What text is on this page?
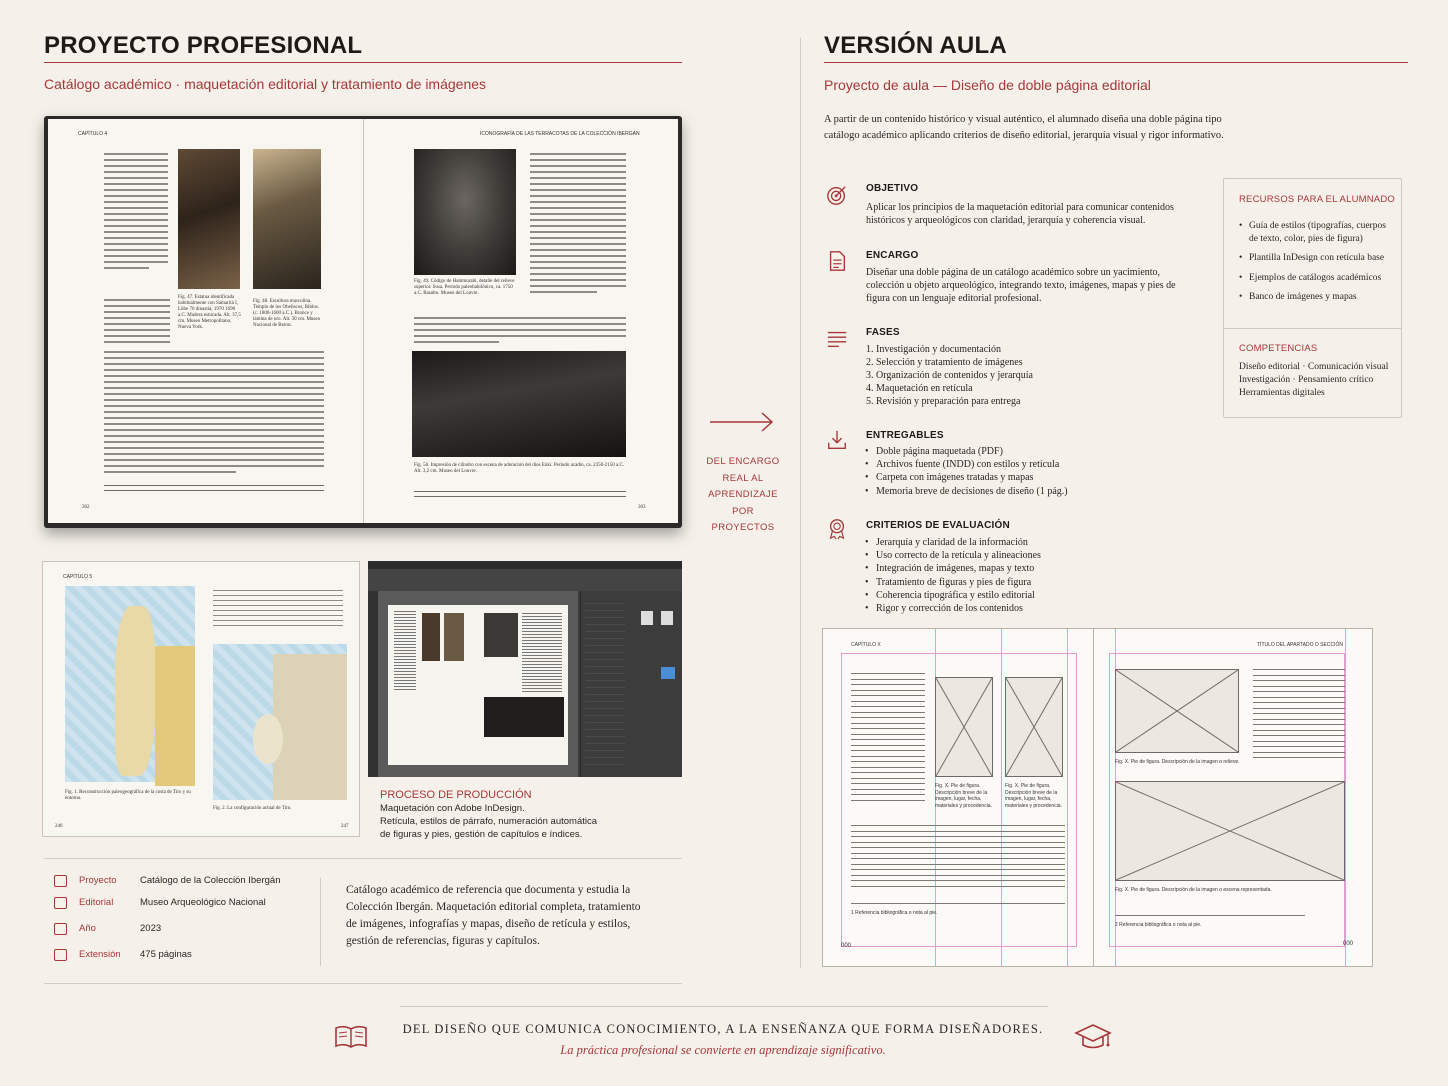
PROYECTO PROFESIONAL
Catálogo académico · maquetación editorial y tratamiento de imágenes
CAPÍTULO 4
Fig. 47. Estatua identificada habitualmente con Samaritá I, Lübe 70 dinastía, 1970 1690 a.C. Madera estucada. Alt. 37,5 cm. Museo Metropolitano, Nueva York.
Fig. 48. Escultura masculina. Templo de los Obeliscos, Biblos. (c. 1800-1600 a.C.). Bronce y lámina de oro. Alt. 30 cm. Museo Nacional de Beirut.
302
ICONOGRAFÍA DE LAS TERRACOTAS DE LA COLECCIÓN IBERGÁN
Fig. 49. Código de Hammurabi, detalle del relieve superior. Susa. Período paleobabilónico, ca. 1750 a.C. Basalto. Museo del Louvre.
Fig. 50. Impresión de cilindro con escena de adoración del dios Enki. Período acadio, ca. 2350-2150 a.C. Alt. 3,2 cm. Museo del Louvre.
303
CAPÍTULO 5
Fig. 1. Reconstrucción paleogeográfica de la costa de Tiro y su entorno.
Fig. 2. La configuración actual de Tiro.
246	247
PROCESO DE PRODUCCIÓN
Maquetación con Adobe InDesign.
Retícula, estilos de párrafo, numeración automática
de figuras y pies, gestión de capítulos e índices.
Proyecto Catálogo de la Colección Ibergán
Editorial	Museo Arqueológico Nacional
Año	2023
Extensión 475 páginas
Catálogo académico de referencia que documenta y estudia la Colección Ibergán. Maquetación editorial completa, tratamiento de imágenes, infografías y mapas, diseño de retícula y estilos, gestión de referencias, figuras y capítulos.
DEL ENCARGO
REAL AL
APRENDIZAJE
POR PROYECTOS
VERSIÓN AULA
Proyecto de aula — Diseño de doble página editorial
A partir de un contenido histórico y visual auténtico, el alumnado diseña una doble página tipo catálogo académico aplicando criterios de diseño editorial, jerarquía visual y rigor informativo.
OBJETIVO
Aplicar los principios de la maquetación editorial para comunicar contenidos históricos y arqueológicos con claridad, jerarquía y coherencia visual.
ENCARGO
Diseñar una doble página de un catálogo académico sobre un yacimiento, colección u objeto arqueológico, integrando texto, imágenes, mapas y pies de figura con un lenguaje editorial profesional.
FASES
1. Investigación y documentación
2. Selección y tratamiento de imágenes
3. Organización de contenidos y jerarquía
4. Maquetación en retícula
5. Revisión y preparación para entrega
ENTREGABLES
• Doble página maquetada (PDF)
• Archivos fuente (INDD) con estilos y retícula
• Carpeta con imágenes tratadas y mapas
• Memoria breve de decisiones de diseño (1 pág.)
CRITERIOS DE EVALUACIÓN
• Jerarquía y claridad de la información
• Uso correcto de la retícula y alineaciones
• Integración de imágenes, mapas y texto
• Tratamiento de figuras y pies de figura
• Coherencia tipográfica y estilo editorial
• Rigor y corrección de los contenidos
RECURSOS PARA EL ALUMNADO
• Guía de estilos (tipografías, cuerpos de texto, color, pies de figura)
• Plantilla InDesign con retícula base
• Ejemplos de catálogos académicos
• Banco de imágenes y mapas
COMPETENCIAS
Diseño editorial · Comunicación visual
Investigación · Pensamiento crítico
Herramientas digitales
CAPÍTULO X	TÍTULO DEL APARTADO O SECCIÓN
Fig. X. Pie de figura. Descripción breve de la imagen, lugar, fecha, materiales y procedencia.
Fig. X. Pie de figura. Descripción breve de la imagen, lugar, fecha, materiales y procedencia.
1 Referencia bibliográfica o nota al pie.
000
Fig. X. Pie de figura. Descripción de la imagen o relieve.
Fig. X. Pie de figura. Descripción de la imagen o escena representada.
2 Referencia bibliográfica o nota al pie.
000
DEL DISEÑO QUE COMUNICA CONOCIMIENTO, A LA ENSEÑANZA QUE FORMA DISEÑADORES.
La práctica profesional se convierte en aprendizaje significativo.
